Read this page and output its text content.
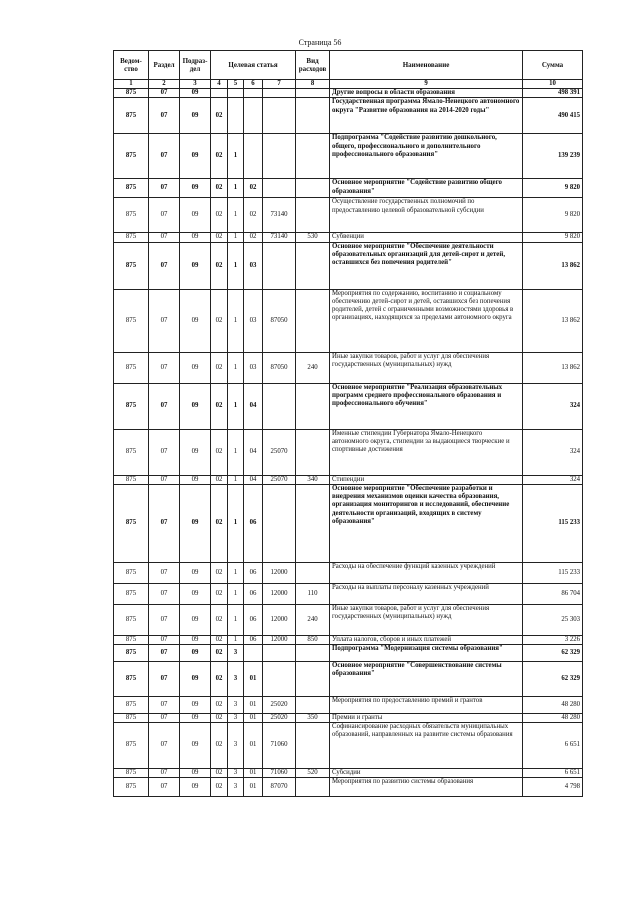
Страница 56
Ведом-ство	Раздел	Подраз-дел	Целевая статья				Вид расходов	Наименование	Сумма
1	2	3	4	5	6	7	8	9	10
875	07	09						Другие вопросы в области образования	498 391
875	07	09	02					Государственная программа Ямало-Ненецкого автономного округа "Развитие образования на 2014-2020 годы"	490 415
875	07	09	02	1				Подпрограмма "Содействие развитию дошкольного, общего, профессионального и дополнительного профессионального образования"	139 239
875	07	09	02	1	02			Основное мероприятие "Содействие развитию общего образования"	9 820
875	07	09	02	1	02	73140		Осуществление государственных полномочий по предоставлению целевой образовательной субсидии	9 820
875	07	09	02	1	02	73140	530	Субвенции	9 820
875	07	09	02	1	03			Основное мероприятие "Обеспечение деятельности образовательных организаций для детей-сирот и детей, оставшихся без попечения родителей"	13 862
875	07	09	02	1	03	87050		Мероприятия по содержанию, воспитанию и социальному обеспечению детей-сирот и детей, оставшихся без попечения родителей, детей с ограниченными возможностями здоровья в организациях, находящихся за пределами автономного округа	13 862
875	07	09	02	1	03	87050	240	Иные закупки товаров, работ и услуг для обеспечения государственных (муниципальных) нужд	13 862
875	07	09	02	1	04			Основное мероприятие "Реализация образовательных программ среднего профессионального образования и профессионального обучения"	324
875	07	09	02	1	04	25070		Именные стипендии Губернатора Ямало-Ненецкого автономного округа, стипендии за выдающиеся творческие и спортивные достижения	324
875	07	09	02	1	04	25070	340	Стипендии	324
875	07	09	02	1	06			Основное мероприятие "Обеспечение разработки и внедрения механизмов оценки качества образования, организация мониторингов и исследований, обеспечение деятельности организаций, входящих в систему образования"	115 233
875	07	09	02	1	06	12000		Расходы на обеспечение функций казенных учреждений	115 233
875	07	09	02	1	06	12000	110	Расходы на выплаты персоналу казенных учреждений	86 704
875	07	09	02	1	06	12000	240	Иные закупки товаров, работ и услуг для обеспечения государственных (муниципальных) нужд	25 303
875	07	09	02	1	06	12000	850	Уплата налогов, сборов и иных платежей	3 226
875	07	09	02	3				Подпрограмма "Модернизация системы образования"	62 329
875	07	09	02	3	01			Основное мероприятие "Совершенствование системы образования"	62 329
875	07	09	02	3	01	25020		Мероприятия по предоставлению премий и грантов	48 280
875	07	09	02	3	01	25020	350	Премии и гранты	48 280
875	07	09	02	3	01	71060		Софинансирование расходных обязательств муниципальных образований, направленных на развитие системы образования	6 651
875	07	09	02	3	01	71060	520	Субсидии	6 651
875	07	09	02	3	01	87070		Мероприятия по развитию системы образования	4 798
